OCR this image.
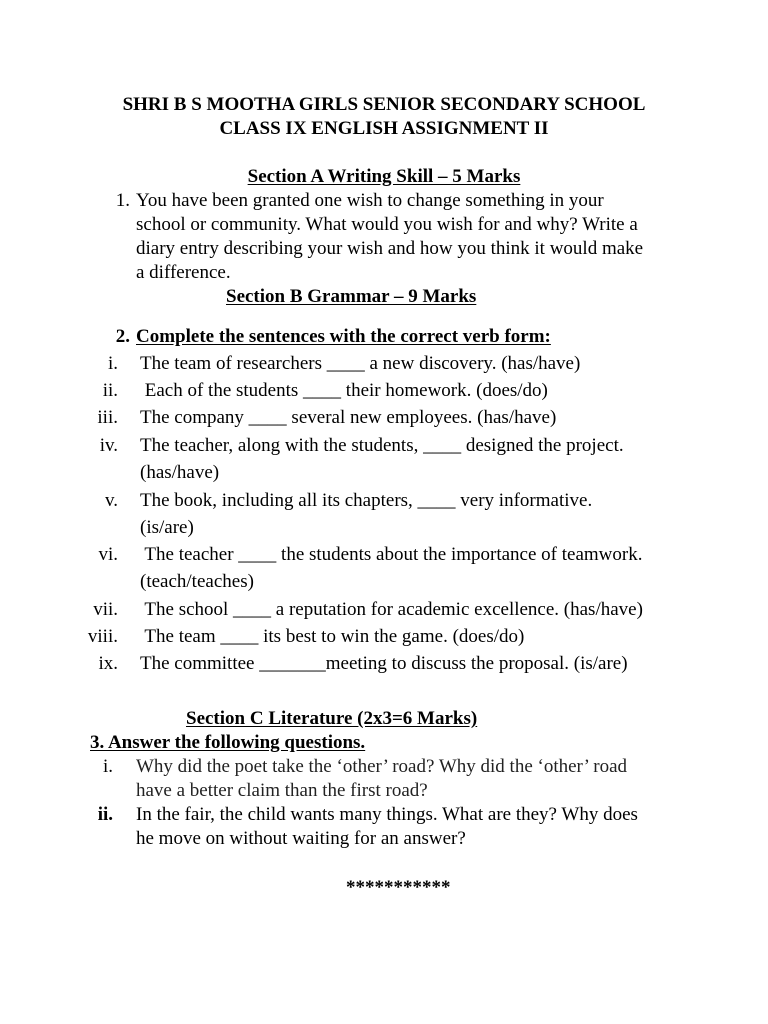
SHRI B S MOOTHA GIRLS SENIOR SECONDARY SCHOOL
CLASS IX ENGLISH ASSIGNMENT II
Section A Writing Skill – 5 Marks
1. You have been granted one wish to change something in your
school or community. What would you wish for and why? Write a
diary entry describing your wish and how you think it would make
a difference.
Section B Grammar – 9 Marks
2. Complete the sentences with the correct verb form:
i. The team of researchers ____ a new discovery. (has/have)
ii. Each of the students ____ their homework. (does/do)
iii. The company ____ several new employees. (has/have)
iv. The teacher, along with the students, ____ designed the project.
(has/have)
v. The book, including all its chapters, ____ very informative.
(is/are)
vi. The teacher ____ the students about the importance of teamwork.
(teach/teaches)
vii. The school ____ a reputation for academic excellence. (has/have)
viii. The team ____ its best to win the game. (does/do)
ix. The committee _______meeting to discuss the proposal. (is/are)
Section C Literature (2x3=6 Marks)
3. Answer the following questions.
i. Why did the poet take the ‘other’ road? Why did the ‘other’ road
have a better claim than the first road?
ii. In the fair, the child wants many things. What are they? Why does
he move on without waiting for an answer?
***********
